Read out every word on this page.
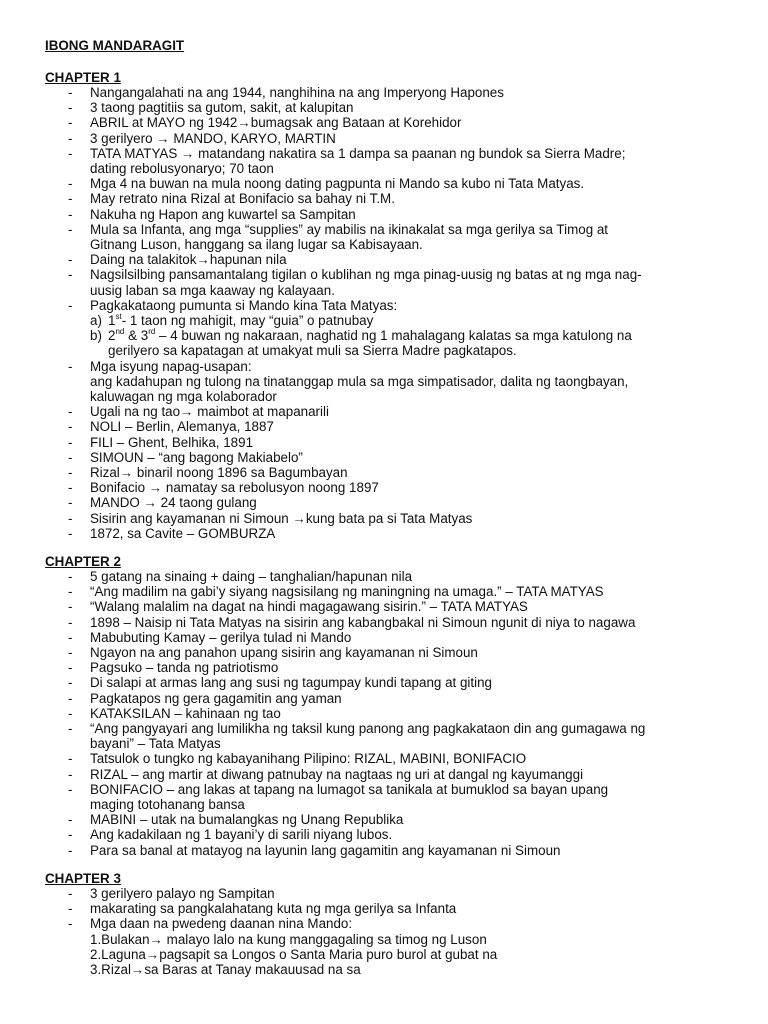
IBONG MANDARAGIT
CHAPTER 1
- Nangangalahati na ang 1944, nanghihina na ang Imperyong Hapones
- 3 taong pagtitiis sa gutom, sakit, at kalupitan
- ABRIL at MAYO ng 1942→bumagsak ang Bataan at Korehidor
- 3 gerilyero → MANDO, KARYO, MARTIN
- TATA MATYAS → matandang nakatira sa 1 dampa sa paanan ng bundok sa Sierra Madre;
dating rebolusyonaryo; 70 taon
- Mga 4 na buwan na mula noong dating pagpunta ni Mando sa kubo ni Tata Matyas.
- May retrato nina Rizal at Bonifacio sa bahay ni T.M.
- Nakuha ng Hapon ang kuwartel sa Sampitan
- Mula sa Infanta, ang mga “supplies” ay mabilis na ikinakalat sa mga gerilya sa Timog at
Gitnang Luson, hanggang sa ilang lugar sa Kabisayaan.
- Daing na talakitok→hapunan nila
- Nagsilsilbing pansamantalang tigilan o kublihan ng mga pinag-uusig ng batas at ng mga nag-
uusig laban sa mga kaaway ng kalayaan.
- Pagkakataong pumunta si Mando kina Tata Matyas:
a) 1st- 1 taon ng mahigit, may “guia” o patnubay
b) 2nd & 3rd – 4 buwan ng nakaraan, naghatid ng 1 mahalagang kalatas sa mga katulong na
gerilyero sa kapatagan at umakyat muli sa Sierra Madre pagkatapos.
- Mga isyung napag-usapan:
ang kadahupan ng tulong na tinatanggap mula sa mga simpatisador, dalita ng taongbayan,
kaluwagan ng mga kolaborador
- Ugali na ng tao→ maimbot at mapanarili
- NOLI – Berlin, Alemanya, 1887
- FILI – Ghent, Belhika, 1891
- SIMOUN – “ang bagong Makiabelo”
- Rizal→ binaril noong 1896 sa Bagumbayan
- Bonifacio → namatay sa rebolusyon noong 1897
- MANDO → 24 taong gulang
- Sisirin ang kayamanan ni Simoun →kung bata pa si Tata Matyas
- 1872, sa Cavite – GOMBURZA
CHAPTER 2
- 5 gatang na sinaing + daing – tanghalian/hapunan nila
- “Ang madilim na gabi’y siyang nagsisilang ng maningning na umaga.” – TATA MATYAS
- “Walang malalim na dagat na hindi magagawang sisirin.” – TATA MATYAS
- 1898 – Naisip ni Tata Matyas na sisirin ang kabangbakal ni Simoun ngunit di niya to nagawa
- Mabubuting Kamay – gerilya tulad ni Mando
- Ngayon na ang panahon upang sisirin ang kayamanan ni Simoun
- Pagsuko – tanda ng patriotismo
- Di salapi at armas lang ang susi ng tagumpay kundi tapang at giting
- Pagkatapos ng gera gagamitin ang yaman
- KATAKSILAN – kahinaan ng tao
- “Ang pangyayari ang lumilikha ng taksil kung panong ang pagkakataon din ang gumagawa ng
bayani” – Tata Matyas
- Tatsulok o tungko ng kabayanihang Pilipino: RIZAL, MABINI, BONIFACIO
- RIZAL – ang martir at diwang patnubay na nagtaas ng uri at dangal ng kayumanggi
- BONIFACIO – ang lakas at tapang na lumagot sa tanikala at bumuklod sa bayan upang
maging totohanang bansa
- MABINI – utak na bumalangkas ng Unang Republika
- Ang kadakilaan ng 1 bayani’y di sarili niyang lubos.
- Para sa banal at matayog na layunin lang gagamitin ang kayamanan ni Simoun
CHAPTER 3
- 3 gerilyero palayo ng Sampitan
- makarating sa pangkalahatang kuta ng mga gerilya sa Infanta
- Mga daan na pwedeng daanan nina Mando:
1.Bulakan→ malayo lalo na kung manggagaling sa timog ng Luson
2.Laguna→pagsapit sa Longos o Santa Maria puro burol at gubat na
3.Rizal→sa Baras at Tanay makauusad na sa
